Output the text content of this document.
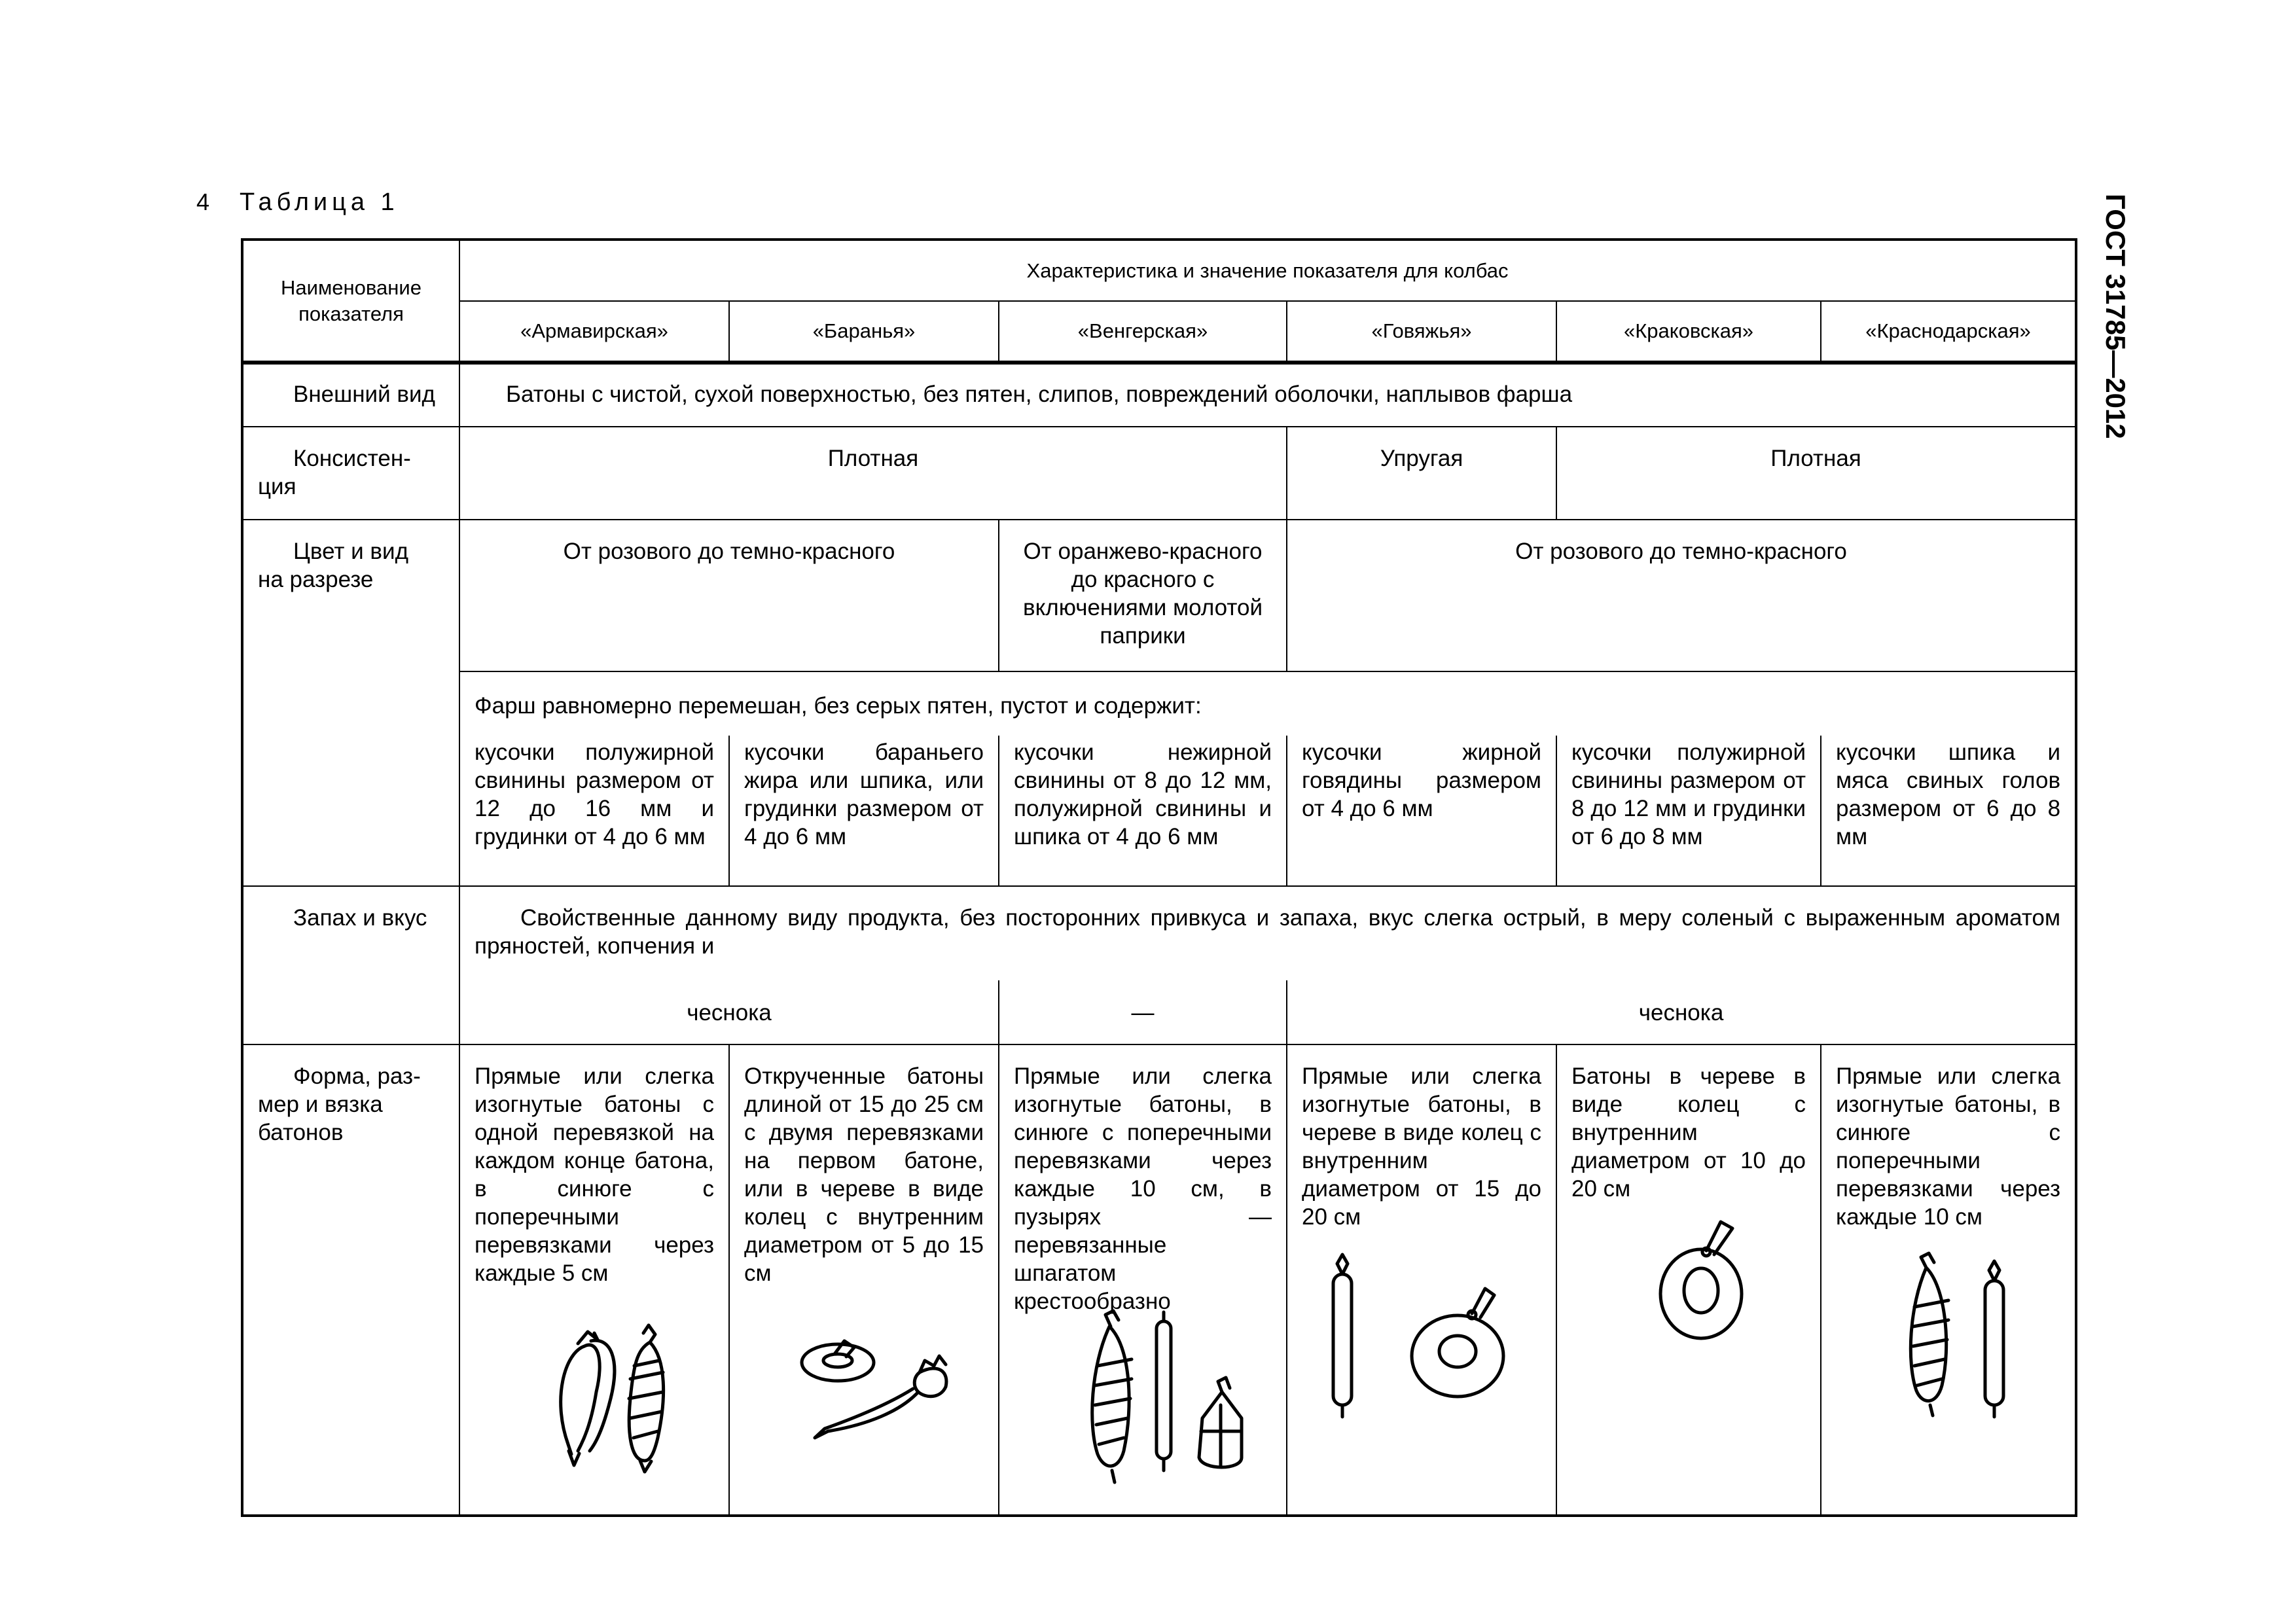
4 Таблица 1	ГОСТ 31785—2012
Наименование показателя	Характеристика и значение показателя для колбас					
	«Армавирская»	«Баранья»	«Венгерская»	«Говяжья»	«Краковская»	«Краснодарская»

Внешний вид	Батоны с чистой, сухой поверхностью, без пятен, слипов, повреждений оболочки, наплывов фарша					

Консистен-
ция	Плотная			Упругая	Плотная	

Цвет и вид
на разрезе	От розового до темно-красного		От оранжево-красного до красного с включениями молотой паприки	От розового до темно-красного		
	Фарш равномерно перемешан, без серых пятен, пустот и содержит:					
	кусочки полужирной свинины размером от 12 до 16 мм и грудинки от 4 до 6 мм	кусочки бараньего жира или шпика, или грудинки размером от 4 до 6 мм	кусочки нежирной свинины от 8 до 12 мм, полужирной свинины и шпика от 4 до 6 мм	кусочки жирной говядины размером от 4 до 6 мм	кусочки полужирной свинины размером от 8 до 12 мм и грудинки от 6 до 8 мм	кусочки шпика и мяса свиных голов размером от 6 до 8 мм

Запах и вкус	Свойственные данному виду продукта, без посторонних привкуса и запаха, вкус слегка острый, в меру соленый с выраженным ароматом пряностей, копчения и					
	чеснока		—	чеснока		

Форма, раз-
мер и вязка
батонов	Прямые или слегка изогнутые батоны с одной перевязкой на каждом конце батона, в синюге с поперечными перевязками через каждые 5 см	Открученные батоны длиной от 15 до 25 см с двумя перевязками на первом батоне, или в череве в виде колец с внутренним диаметром от 5 до 15 см	Прямые или слегка изогнутые батоны, в синюге с поперечными перевязками через каждые 10 см, в пузырях — перевязанные шпагатом крестообразно	Прямые или слегка изогнутые батоны, в череве в виде колец с внутренним диаметром от 15 до 20 см	Батоны в череве в виде колец с внутренним диаметром от 10 до 20 см	Прямые или слегка изогнутые батоны, в синюге с поперечными перевязками через каждые 10 см
